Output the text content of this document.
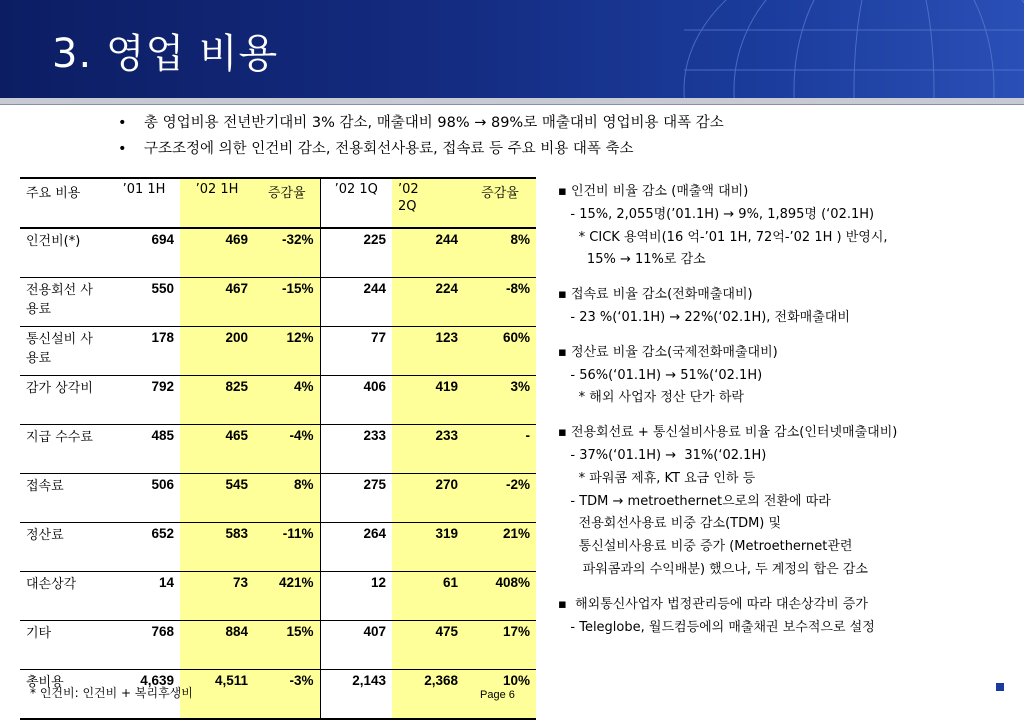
3. 영업 비용
• 총 영업비용 전년반기대비 3% 감소, 매출대비 98% → 89%로 매출대비 영업비용 대폭 감소
• 구조조정에 의한 인건비 감소, 전용회선사용료, 접속료 등 주요 비용 대폭 축소
주요 비용	’01 1H	’02 1H	증감율	’02 1Q	’02 2Q	증감율
인건비(*)	694	469	-32%	225	244	8%
전용회선 사용료	550	467	-15%	244	224	-8%
통신설비 사용료	178	200	12%	77	123	60%
감가 상각비	792	825	4%	406	419	3%
지급 수수료	485	465	-4%	233	233	-
접속료	506	545	8%	275	270	-2%
정산료	652	583	-11%	264	319	21%
대손상각	14	73	421%	12	61	408%
기타	768	884	15%	407	475	17%
총비용	4,639	4,511	-3%	2,143	2,368	10%
▪ 인건비 비율 감소 (매출액 대비)
- 15%, 2,055명(’01.1H) → 9%, 1,895명 (‘02.1H)
* CICK 용역비(16 억-’01 1H, 72억-’02 1H ) 반영시,
15% → 11%로 감소
▪ 접속료 비율 감소(전화매출대비)
- 23 %(‘01.1H) → 22%(‘02.1H), 전화매출대비
▪ 정산료 비율 감소(국제전화매출대비)
- 56%(‘01.1H) → 51%(‘02.1H)
* 해외 사업자 정산 단가 하락
▪ 전용회선료 + 통신설비사용료 비율 감소(인터넷매출대비)
- 37%(‘01.1H) →  31%(‘02.1H)
* 파워콤 제휴, KT 요금 인하 등
- TDM → metroethernet으로의 전환에 따라
전용회선사용료 비중 감소(TDM) 및
통신설비사용료 비중 증가 (Metroethernet관련
파워콤과의 수익배분) 했으나, 두 계정의 합은 감소
▪  해외통신사업자 법정관리등에 따라 대손상각비 증가
- Teleglobe, 월드컴등에의 매출채권 보수적으로 설정
* 인건비: 인건비 + 복리후생비	Page 6
